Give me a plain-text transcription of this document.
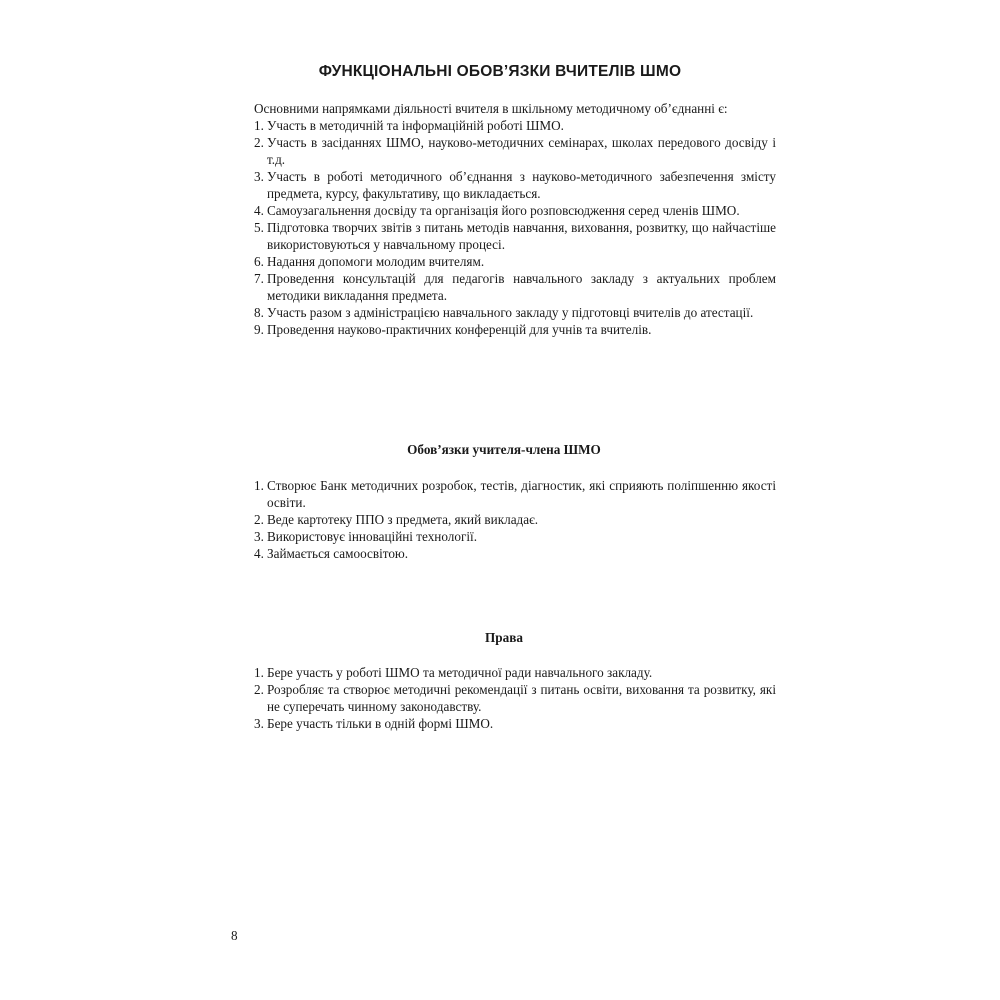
ФУНКЦІОНАЛЬНІ ОБОВ’ЯЗКИ ВЧИТЕЛІВ ШМО

Основними напрямками діяльності вчителя в шкільному методичному об’єднанні є:

1. Участь в методичній та інформаційній роботі ШМО.
2. Участь в засіданнях ШМО, науково-методичних семінарах, школах передового досвіду і т.д.
3. Участь в роботі методичного об’єднання з науково-методичного забезпечення змісту предмета, курсу, факультативу, що викладається.
4. Самоузагальнення досвіду та організація його розповсюдження серед членів ШМО.
5. Підготовка творчих звітів з питань методів навчання, виховання, розвитку, що найчастіше використовуються у навчальному процесі.
6. Надання допомоги молодим вчителям.
7. Проведення консультацій для педагогів навчального закладу з актуальних проблем методики викладання предмета.
8. Участь разом з адміністрацією навчального закладу у підготовці вчителів до атестації.
9. Проведення науково-практичних конференцій для учнів та вчителів.
Обов’язки учителя-члена ШМО
1. Створює Банк методичних розробок, тестів, діагностик, які сприяють поліпшенню якості освіти.
2. Веде картотеку ППО з предмета, який викладає.
3. Використовує інноваційні технології.
4. Займається самоосвітою.
Права
1. Бере участь у роботі ШМО та методичної ради навчального закладу.
2. Розробляє та створює методичні рекомендації з питань освіти, виховання та розвитку, які не суперечать чинному законодавству.
3. Бере участь тільки в одній формі ШМО.
8
